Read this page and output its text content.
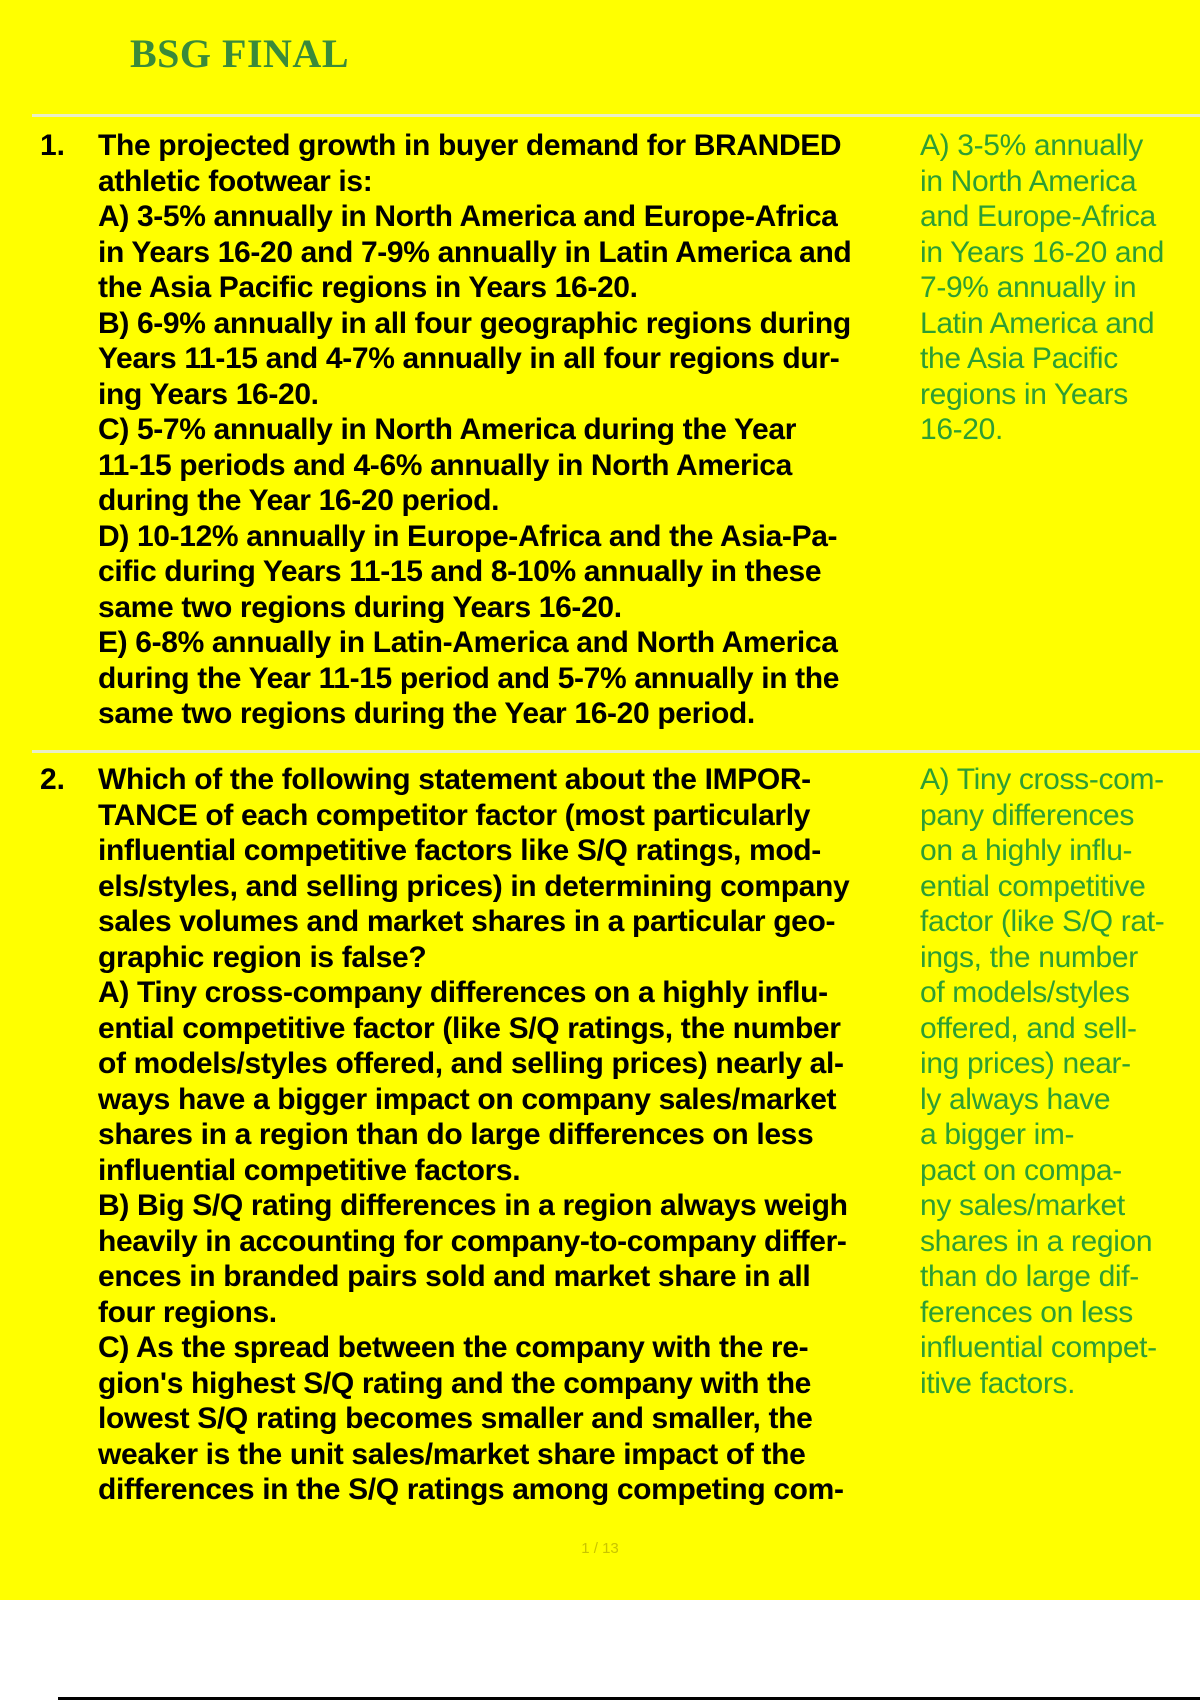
BSG FINAL
1. The projected growth in buyer demand for BRANDED
athletic footwear is:
A) 3-5% annually in North America and Europe-Africa
in Years 16-20 and 7-9% annually in Latin America and
the Asia Pacific regions in Years 16-20.
B) 6-9% annually in all four geographic regions during
Years 11-15 and 4-7% annually in all four regions dur-
ing Years 16-20.
C) 5-7% annually in North America during the Year
11-15 periods and 4-6% annually in North America
during the Year 16-20 period.
D) 10-12% annually in Europe-Africa and the Asia-Pa-
cific during Years 11-15 and 8-10% annually in these
same two regions during Years 16-20.
E) 6-8% annually in Latin-America and North America
during the Year 11-15 period and 5-7% annually in the
same two regions during the Year 16-20 period.
A) 3-5% annually
in North America
and Europe-Africa
in Years 16-20 and
7-9% annually in
Latin America and
the Asia Pacific
regions in Years
16-20.
2. Which of the following statement about the IMPOR-
TANCE of each competitor factor (most particularly
influential competitive factors like S/Q ratings, mod-
els/styles, and selling prices) in determining company
sales volumes and market shares in a particular geo-
graphic region is false?
A) Tiny cross-company differences on a highly influ-
ential competitive factor (like S/Q ratings, the number
of models/styles offered, and selling prices) nearly al-
ways have a bigger impact on company sales/market
shares in a region than do large differences on less
influential competitive factors.
B) Big S/Q rating differences in a region always weigh
heavily in accounting for company-to-company differ-
ences in branded pairs sold and market share in all
four regions.
C) As the spread between the company with the re-
gion's highest S/Q rating and the company with the
lowest S/Q rating becomes smaller and smaller, the
weaker is the unit sales/market share impact of the
differences in the S/Q ratings among competing com-
A) Tiny cross-com-
pany differences
on a highly influ-
ential competitive
factor (like S/Q rat-
ings, the number
of models/styles
offered, and sell-
ing prices) near-
ly always have
a bigger im-
pact on compa-
ny sales/market
shares in a region
than do large dif-
ferences on less
influential compet-
itive factors.
1 / 13
